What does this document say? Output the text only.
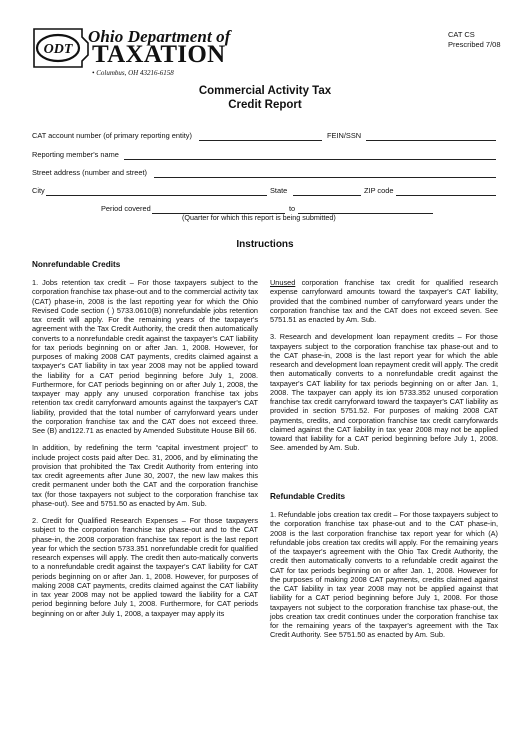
ODT
Ohio Department of
TAXATION
• Columbus, OH 43216-6158
CAT CS
Prescribed 7/08
Commercial Activity Tax
Credit Report
CAT account number (of primary reporting entity)	FEIN/SSN
Reporting member's name
Street address (number and street)
City	State	ZIP code
Period covered	to
(Quarter for which this report is being submitted)
Instructions
Nonrefundable Credits

1. Jobs retention tax credit – For those taxpayers subject to the corporation franchise tax phase-out and to the commercial activity tax (CAT) phase-in, 2008 is the last reporting year for which the Ohio Revised Code section ( ) 5733.0610(B) nonrefundable jobs retention tax credit will apply. For the remaining years of the taxpayer's agreement with the Tax Credit Authority, the credit then automatically converts to a nonrefundable credit against the taxpayer's CAT liability for tax periods beginning on or after Jan. 1, 2008. However, for purposes of making 2008 CAT payments, credits claimed against a taxpayer's CAT liability in tax year 2008 may not be applied toward the liability for a CAT period beginning before July 1, 2008. Furthermore, for CAT periods beginning on or after July 1, 2008, the taxpayer may apply any unused corporation franchise tax jobs retention tax credit carryforward amounts against the taxpayer's CAT liability, provided that the total number of carryforward years under the corporation franchise tax and the CAT does not exceed three. See (B) and122.71 as enacted by Amended Substitute House Bill 66.

In addition, by redefining the term “capital investment project” to include project costs paid after Dec. 31, 2006, and by eliminating the provision that prohibited the Tax Credit Authority from entering into tax credit agreements after June 30, 2007, the new law makes this credit permanent under both the CAT and the corporation franchise tax (for those taxpayers not subject to the corporation franchise tax phase-out). See and 5751.50 as enacted by Am. Sub.

2. Credit for Qualified Research Expenses – For those taxpayers subject to the corporation franchise tax phase-out and to the CAT phase-in, the 2008 corporation franchise tax report is the last report year for which the section 5733.351 nonrefundable credit for qualified research expenses will apply. The credit then auto-matically converts to a nonrefundable credit against the taxpayer's CAT liability for CAT periods beginning on or after Jan. 1, 2008. However, for purposes of making 2008 CAT payments, credits claimed against the CAT liability in tax year 2008 may not be applied toward the liability for a CAT period beginning before July 1, 2008. Furthermore, for CAT periods beginning on or after July 1, 2008, a taxpayer may apply its

Unused corporation franchise tax credit for qualified research expense carryforward amounts toward the taxpayer's CAT liability, provided that the combined number of carryforward years under the corporation franchise tax and the CAT does not exceed seven. See 5751.51 as enacted by Am. Sub.

3. Research and development loan repayment credits – For those taxpayers subject to the corporation franchise tax phase-out and to the CAT phase-in, 2008 is the last report year for which the able research and development loan repayment credit will apply. The credit then automatically converts to a nonrefundable credit against the taxpayer's CAT liability for tax periods beginning on or after Jan. 1, 2008. The taxpayer can apply its ion 5733.352 unused corporation franchise tax credit carryforward toward the taxpayer's CAT liability as provided in section 5751.52. For purposes of making 2008 CAT payments, credits, and corporation franchise tax credit carryforwards claimed against the CAT liability in tax year 2008 may not be applied toward that liability for a CAT period beginning before July 1, 2008. See. amended by Am. Sub.

Refundable Credits

1. Refundable jobs creation tax credit – For those taxpayers subject to the corporation franchise tax phase-out and to the CAT phase-in, 2008 is the last corporation franchise tax report year for which (A) refundable jobs creation tax credits will apply. For the remaining years of the taxpayer's agreement with the Ohio Tax Credit Authority, the credit then automatically converts to a refundable credit against the CAT for tax periods beginning on or after Jan. 1, 2008. However for the purposes of making 2008 CAT payments, credits claimed against the CAT liability in tax year 2008 may not be applied against that liability for a CAT period beginning before July 1, 2008. For those taxpayers not subject to the corporation franchise tax phase-out, the jobs creation tax credit continues under the corporation franchise tax for the remaining years of the taxpayer's agreement with the Tax Credit Authority. See 5751.50 as enacted by Am. Sub.
